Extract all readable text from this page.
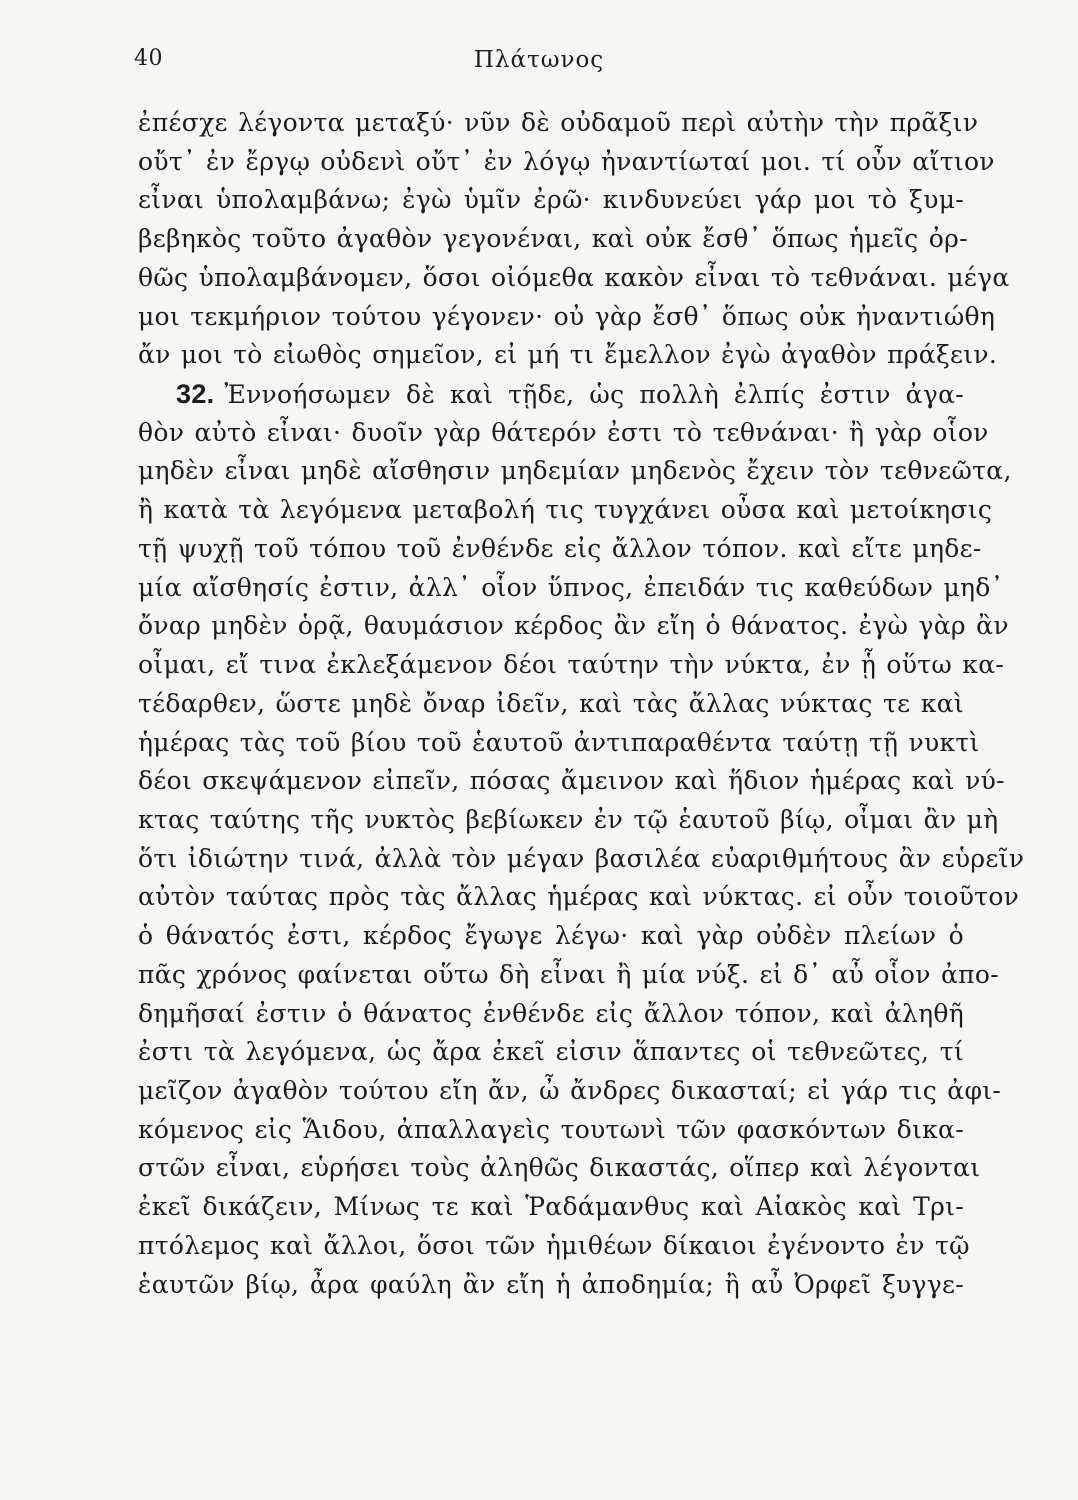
40	Πλάτωνος
ἐπέσχε λέγοντα μεταξύ· νῦν δὲ οὐδαμοῦ περὶ αὐτὴν τὴν πρᾶξιν
οὔτ᾽ ἐν ἔργῳ οὐδενὶ οὔτ᾽ ἐν λόγῳ ἠναντίωταί μοι. τί οὖν αἴτιον
εἶναι ὑπολαμβάνω; ἐγὼ ὑμῖν ἐρῶ· κινδυνεύει γάρ μοι τὸ ξυμ-
βεβηκὸς τοῦτο ἀγαθὸν γεγονέναι, καὶ οὐκ ἔσθ᾽ ὅπως ἡμεῖς ὀρ-
θῶς ὑπολαμβάνομεν, ὅσοι οἰόμεθα κακὸν εἶναι τὸ τεθνάναι. μέγα
μοι τεκμήριον τούτου γέγονεν· οὐ γὰρ ἔσθ᾽ ὅπως οὐκ ἠναντιώθη
ἄν μοι τὸ εἰωθὸς σημεῖον, εἰ μή τι ἔμελλον ἐγὼ ἀγαθὸν πράξειν.
32. Ἐννοήσωμεν δὲ καὶ τῇδε, ὡς πολλὴ ἐλπίς ἐστιν ἀγα-
θὸν αὐτὸ εἶναι· δυοῖν γὰρ θάτερόν ἐστι τὸ τεθνάναι· ἢ γὰρ οἷον
μηδὲν εἶναι μηδὲ αἴσθησιν μηδεμίαν μηδενὸς ἔχειν τὸν τεθνεῶτα,
ἢ κατὰ τὰ λεγόμενα μεταβολή τις τυγχάνει οὖσα καὶ μετοίκησις
τῇ ψυχῇ τοῦ τόπου τοῦ ἐνθένδε εἰς ἄλλον τόπον. καὶ εἴτε μηδε-
μία αἴσθησίς ἐστιν, ἀλλ᾽ οἷον ὕπνος, ἐπειδάν τις καθεύδων μηδ᾽
ὄναρ μηδὲν ὁρᾷ, θαυμάσιον κέρδος ἂν εἴη ὁ θάνατος. ἐγὼ γὰρ ἂν
οἶμαι, εἴ τινα ἐκλεξάμενον δέοι ταύτην τὴν νύκτα, ἐν ᾗ οὕτω κα-
τέδαρθεν, ὥστε μηδὲ ὄναρ ἰδεῖν, καὶ τὰς ἄλλας νύκτας τε καὶ
ἡμέρας τὰς τοῦ βίου τοῦ ἑαυτοῦ ἀντιπαραθέντα ταύτῃ τῇ νυκτὶ
δέοι σκεψάμενον εἰπεῖν, πόσας ἄμεινον καὶ ἥδιον ἡμέρας καὶ νύ-
κτας ταύτης τῆς νυκτὸς βεβίωκεν ἐν τῷ ἑαυτοῦ βίῳ, οἶμαι ἂν μὴ
ὅτι ἰδιώτην τινά, ἀλλὰ τὸν μέγαν βασιλέα εὐαριθμήτους ἂν εὑρεῖν
αὐτὸν ταύτας πρὸς τὰς ἄλλας ἡμέρας καὶ νύκτας. εἰ οὖν τοιοῦτον
ὁ θάνατός ἐστι, κέρδος ἔγωγε λέγω· καὶ γὰρ οὐδὲν πλείων ὁ
πᾶς χρόνος φαίνεται οὕτω δὴ εἶναι ἢ μία νύξ. εἰ δ᾽ αὖ οἷον ἀπο-
δημῆσαί ἐστιν ὁ θάνατος ἐνθένδε εἰς ἄλλον τόπον, καὶ ἀληθῆ
ἐστι τὰ λεγόμενα, ὡς ἄρα ἐκεῖ εἰσιν ἅπαντες οἱ τεθνεῶτες, τί
μεῖζον ἀγαθὸν τούτου εἴη ἄν, ὦ ἄνδρες δικασταί; εἰ γάρ τις ἀφι-
κόμενος εἰς Ἅιδου, ἀπαλλαγεὶς τουτωνὶ τῶν φασκόντων δικα-
στῶν εἶναι, εὑρήσει τοὺς ἀληθῶς δικαστάς, οἵπερ καὶ λέγονται
ἐκεῖ δικάζειν, Μίνως τε καὶ Ῥαδάμανθυς καὶ Αἰακὸς καὶ Τρι-
πτόλεμος καὶ ἄλλοι, ὅσοι τῶν ἡμιθέων δίκαιοι ἐγένοντο ἐν τῷ
ἑαυτῶν βίῳ, ἆρα φαύλη ἂν εἴη ἡ ἀποδημία; ἢ αὖ Ὀρφεῖ ξυγγε-
